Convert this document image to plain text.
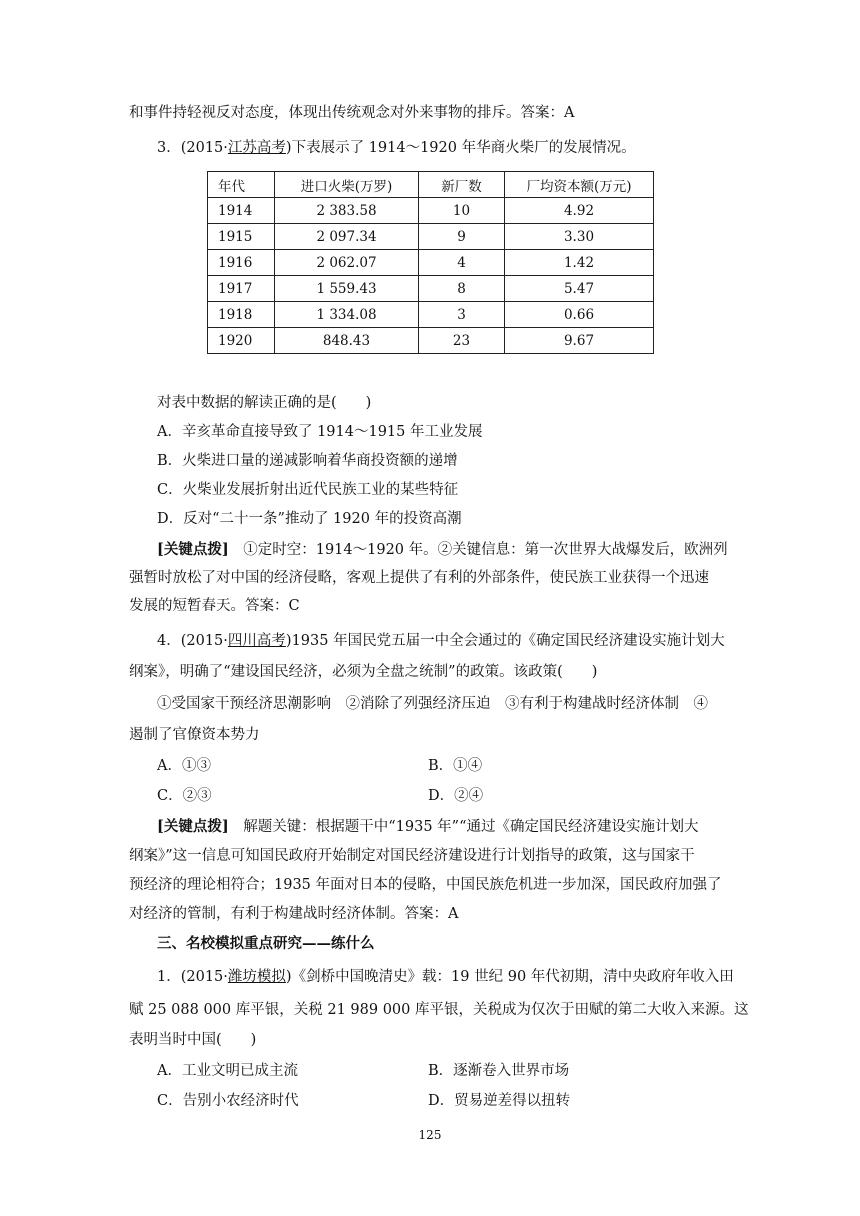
和事件持轻视反对态度，体现出传统观念对外来事物的排斥。答案：A
3．(2015·江苏高考)下表展示了 1914～1920 年华商火柴厂的发展情况。
年代	进口火柴(万罗)	新厂数	厂均资本额(万元)
1914	2 383.58	10	4.92
1915	2 097.34	9	3.30
1916	2 062.07	4	1.42
1917	1 559.43	8	5.47
1918	1 334.08	3	0.66
1920	848.43	23	9.67
对表中数据的解读正确的是(　　)
A．辛亥革命直接导致了 1914～1915 年工业发展
B．火柴进口量的递减影响着华商投资额的递增
C．火柴业发展折射出近代民族工业的某些特征
D．反对“二十一条”推动了 1920 年的投资高潮
[关键点拨]　①定时空：1914～1920 年。②关键信息：第一次世界大战爆发后，欧洲列
强暂时放松了对中国的经济侵略，客观上提供了有利的外部条件，使民族工业获得一个迅速
发展的短暂春天。答案：C
4．(2015·四川高考)1935 年国民党五届一中全会通过的《确定国民经济建设实施计划大
纲案》，明确了“建设国民经济，必须为全盘之统制”的政策。该政策(　　)
①受国家干预经济思潮影响　②消除了列强经济压迫　③有利于构建战时经济体制　④
遏制了官僚资本势力
A．①③	B．①④
C．②③	D．②④
[关键点拨]　解题关键：根据题干中“1935 年”“通过《确定国民经济建设实施计划大
纲案》”这一信息可知国民政府开始制定对国民经济建设进行计划指导的政策，这与国家干
预经济的理论相符合；1935 年面对日本的侵略，中国民族危机进一步加深，国民政府加强了
对经济的管制，有利于构建战时经济体制。答案：A
三、名校模拟重点研究——练什么
1．(2015·潍坊模拟)《剑桥中国晚清史》载：19 世纪 90 年代初期，清中央政府年收入田
赋 25 088 000 库平银，关税 21 989 000 库平银，关税成为仅次于田赋的第二大收入来源。这
表明当时中国(　　)
A．工业文明已成主流	B．逐渐卷入世界市场
C．告别小农经济时代	D．贸易逆差得以扭转
125
